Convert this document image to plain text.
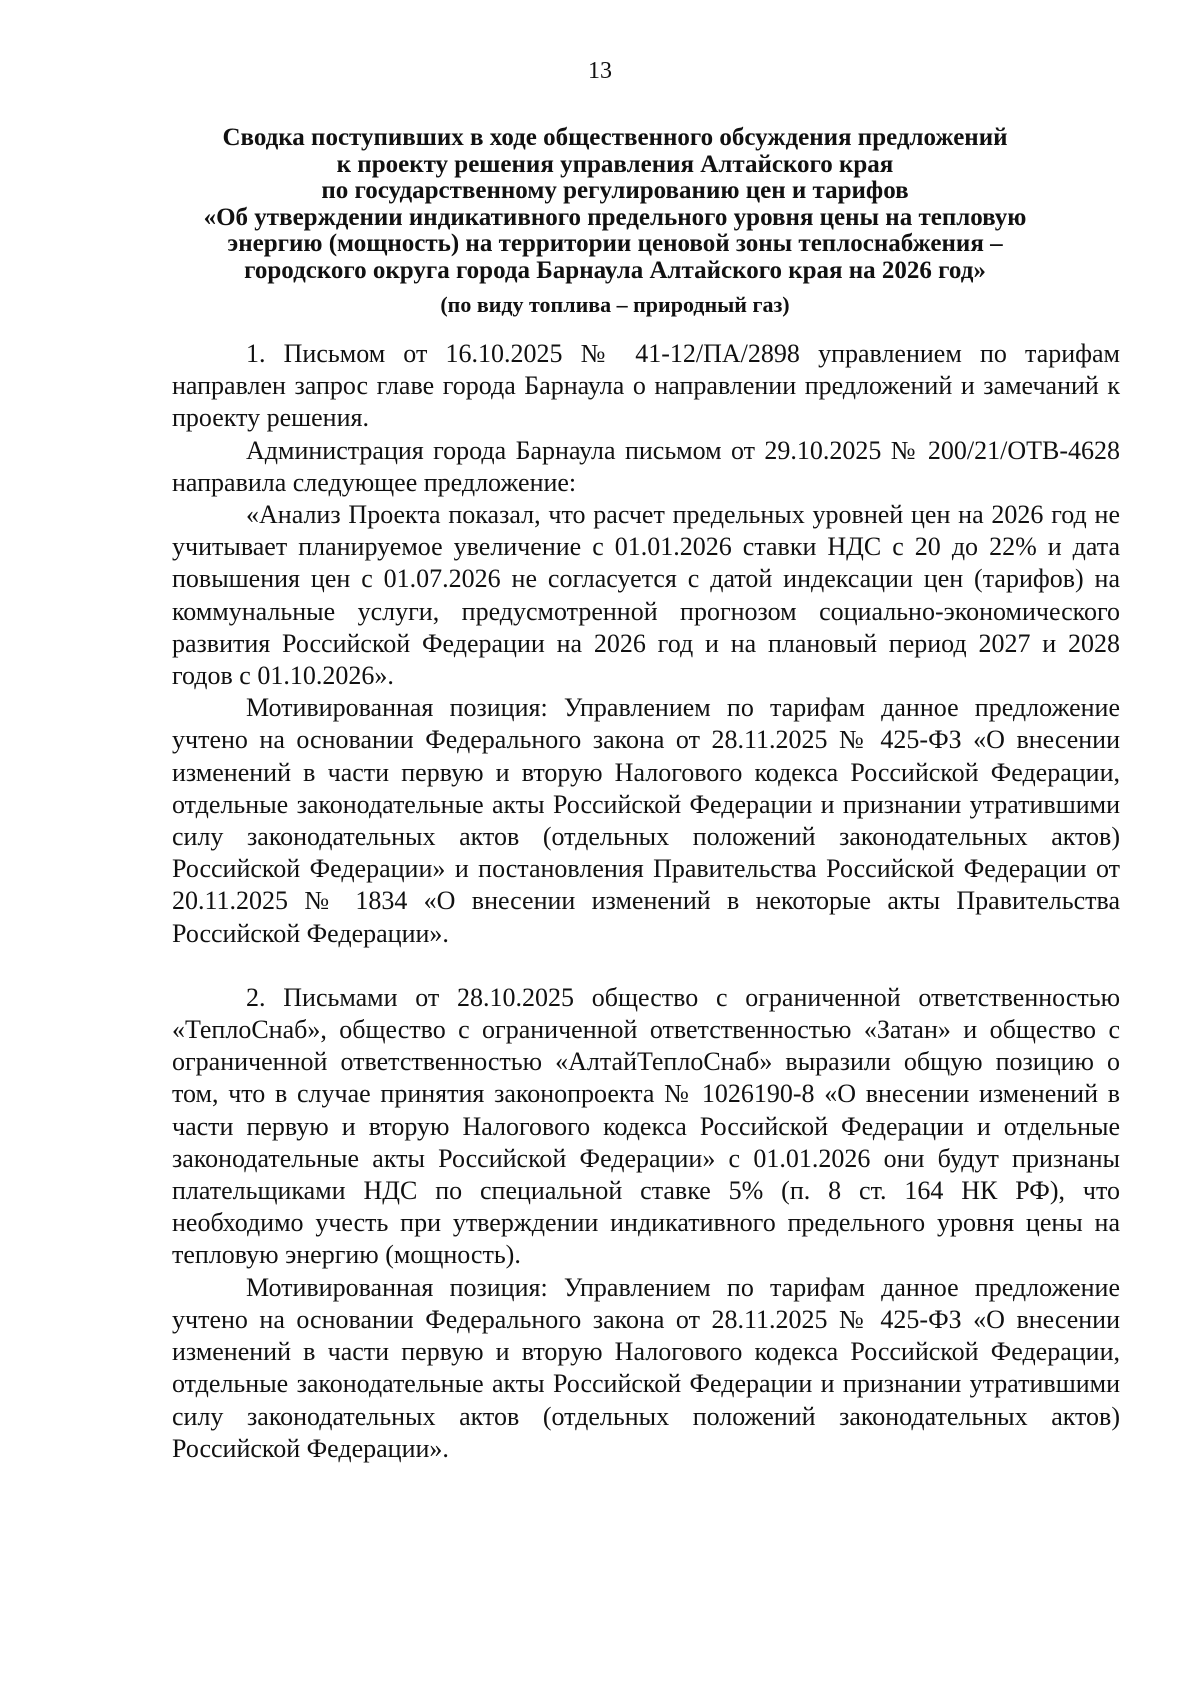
13
Сводка поступивших в ходе общественного обсуждения предложений
к проекту решения управления Алтайского края
по государственному регулированию цен и тарифов
«Об утверждении индикативного предельного уровня цены на тепловую
энергию (мощность) на территории ценовой зоны теплоснабжения –
городского округа города Барнаула Алтайского края на 2026 год»
(по виду топлива – природный газ)

1. Письмом от 16.10.2025 № 41-12/ПА/2898 управлением по тарифам направлен запрос главе города Барнаула о направлении предложений и замечаний к проекту решения.

Администрация города Барнаула письмом от 29.10.2025 № 200/21/ОТВ-4628 направила следующее предложение:

«Анализ Проекта показал, что расчет предельных уровней цен на 2026 год не учитывает планируемое увеличение с 01.01.2026 ставки НДС с 20 до 22% и дата повышения цен с 01.07.2026 не согласуется с датой индексации цен (тарифов) на коммунальные услуги, предусмотренной прогнозом социально-экономического развития Российской Федерации на 2026 год и на плановый период 2027 и 2028 годов с 01.10.2026».

Мотивированная позиция: Управлением по тарифам данное предложение учтено на основании Федерального закона от 28.11.2025 № 425-ФЗ «О внесении изменений в части первую и вторую Налогового кодекса Российской Федерации, отдельные законодательные акты Российской Федерации и признании утратившими силу законодательных актов (отдельных положений законодательных актов) Российской Федерации» и постановления Правительства Российской Федерации от 20.11.2025 № 1834 «О внесении изменений в некоторые акты Правительства Российской Федерации».

2. Письмами от 28.10.2025 общество с ограниченной ответственностью «ТеплоСнаб», общество с ограниченной ответственностью «Затан» и общество с ограниченной ответственностью «АлтайТеплоСнаб» выразили общую позицию о том, что в случае принятия законопроекта № 1026190-8 «О внесении изменений в части первую и вторую Налогового кодекса Российской Федерации и отдельные законодательные акты Российской Федерации» с 01.01.2026 они будут признаны плательщиками НДС по специальной ставке 5% (п. 8 ст. 164 НК РФ), что необходимо учесть при утверждении индикативного предельного уровня цены на тепловую энергию (мощность).

Мотивированная позиция: Управлением по тарифам данное предложение учтено на основании Федерального закона от 28.11.2025 № 425-ФЗ «О внесении изменений в части первую и вторую Налогового кодекса Российской Федерации, отдельные законодательные акты Российской Федерации и признании утратившими силу законодательных актов (отдельных положений законодательных актов) Российской Федерации».
